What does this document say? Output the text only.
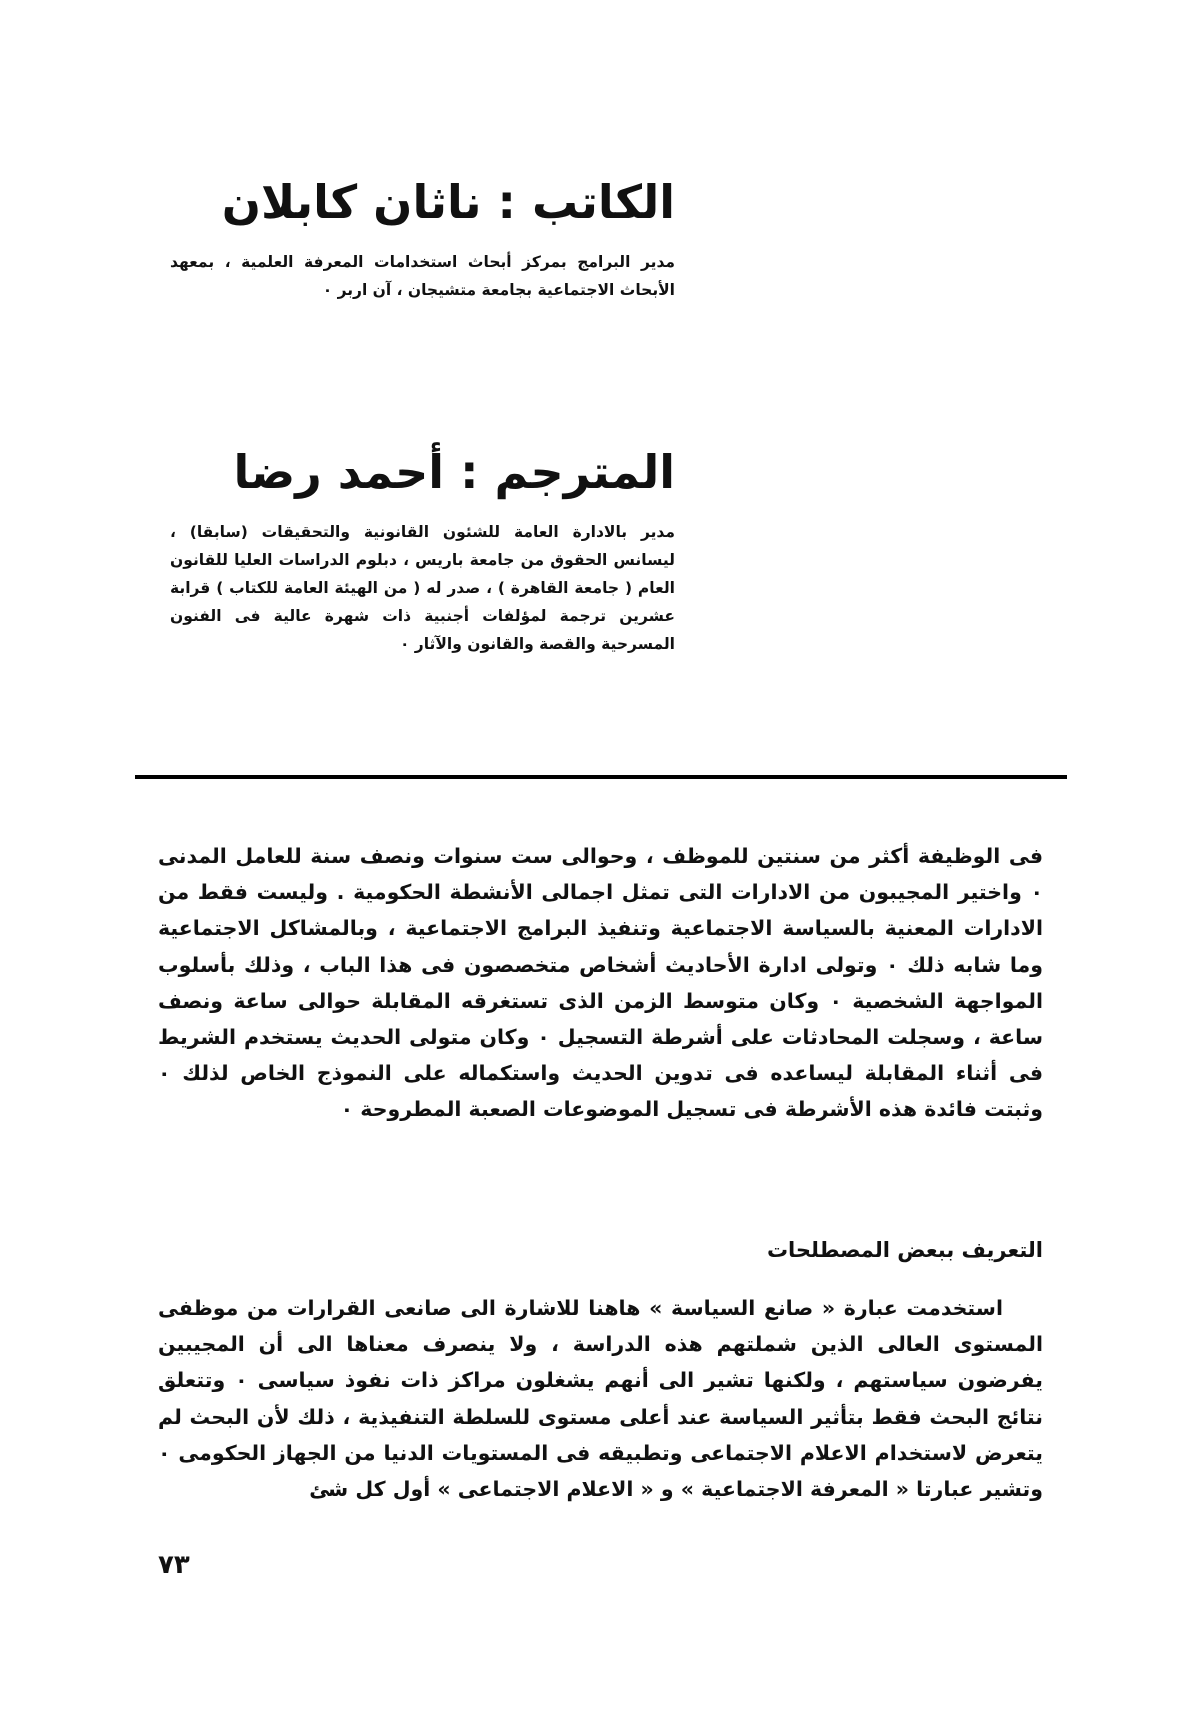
الكاتب : ناثان كابلان
مدير البرامج بمركز أبحاث استخدامات المعرفة العلمية ، بمعهد الأبحاث الاجتماعية بجامعة متشيجان ، آن اربر ٠
المترجم : أحمد رضا
مدير بالادارة العامة للشئون القانونية والتحقيقات (سابقا) ، ليسانس الحقوق من جامعة باريس ، دبلوم الدراسات العليا للقانون العام ( جامعة القاهرة ) ، صدر له ( من الهيئة العامة للكتاب ) قرابة عشرين ترجمة لمؤلفات أجنبية ذات شهرة عالية فى الفنون المسرحية والقصة والقانون والآثار ٠
فى الوظيفة أكثر من سنتين للموظف ، وحوالى ست سنوات ونصف سنة للعامل المدنى ٠ واختير المجيبون من الادارات التى تمثل اجمالى الأنشطة الحكومية . وليست فقط من الادارات المعنية بالسياسة الاجتماعية وتنفيذ البرامج الاجتماعية ، وبالمشاكل الاجتماعية وما شابه ذلك ٠ وتولى ادارة الأحاديث أشخاص متخصصون فى هذا الباب ، وذلك بأسلوب المواجهة الشخصية ٠ وكان متوسط الزمن الذى تستغرقه المقابلة حوالى ساعة ونصف ساعة ، وسجلت المحادثات على أشرطة التسجيل ٠ وكان متولى الحديث يستخدم الشريط فى أثناء المقابلة ليساعده فى تدوين الحديث واستكماله على النموذج الخاص لذلك ٠ وثبتت فائدة هذه الأشرطة فى تسجيل الموضوعات الصعبة المطروحة ٠
التعريف ببعض المصطلحات
استخدمت عبارة « صانع السياسة » هاهنا للاشارة الى صانعى القرارات من موظفى المستوى العالى الذين شملتهم هذه الدراسة ، ولا ينصرف معناها الى أن المجيبين يفرضون سياستهم ، ولكنها تشير الى أنهم يشغلون مراكز ذات نفوذ سياسى ٠ وتتعلق نتائج البحث فقط بتأثير السياسة عند أعلى مستوى للسلطة التنفيذية ، ذلك لأن البحث لم يتعرض لاستخدام الاعلام الاجتماعى وتطبيقه فى المستويات الدنيا من الجهاز الحكومى ٠ وتشير عبارتا « المعرفة الاجتماعية » و « الاعلام الاجتماعى » أول كل شئ
٧٣
